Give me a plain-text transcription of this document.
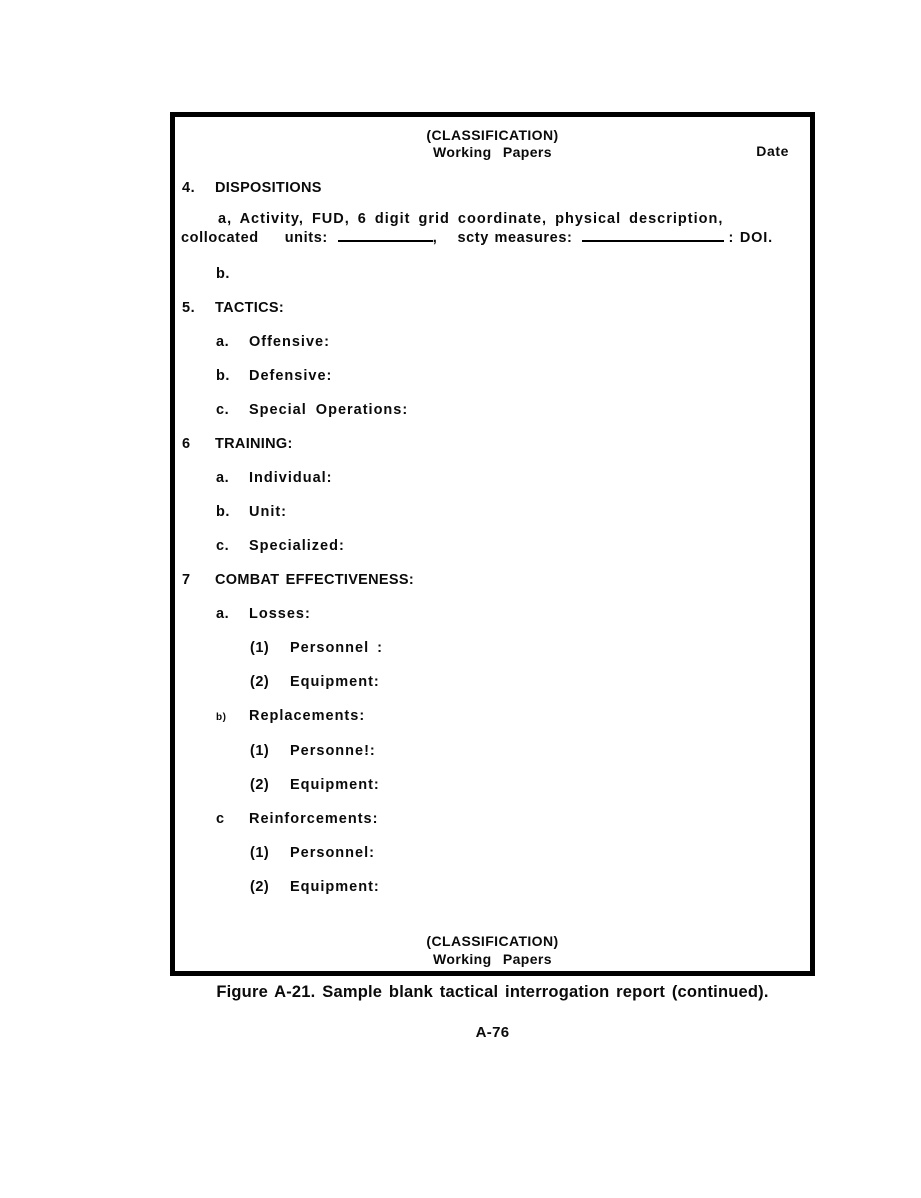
(CLASSIFICATION)
Working Papers	Date
4. DISPOSITIONS
a, Activity, FUD, 6 digit grid coordinate, physical description,
collocated units:	, scty measures:	: DOI.
b.
5. TACTICS:
a. Offensive:
b. Defensive:
c. Special Operations:
6 TRAINING:
a. Individual:
b. Unit:
c. Specialized:
7 COMBAT EFFECTIVENESS:
a. Losses:
(1) Personnel :
(2) Equipment:
b) Replacements:
(1) Personne!:
(2) Equipment:
c Reinforcements:
(1) Personnel:
(2) Equipment:
(CLASSIFICATION)
Working Papers
Figure A-21. Sample blank tactical interrogation report (continued).
A-76
